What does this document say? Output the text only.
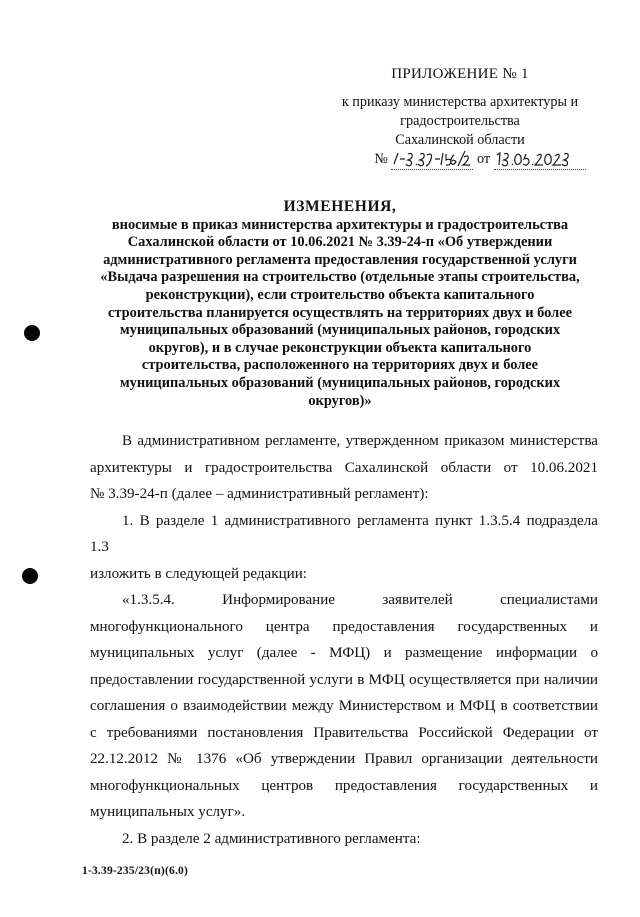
ПРИЛОЖЕНИЕ № 1
к приказу министерства архитектуры и
градостроительства
Сахалинской области
№	от
ИЗМЕНЕНИЯ,
вносимые в приказ министерства архитектуры и градостроительства
Сахалинской области от 10.06.2021 № 3.39-24-п «Об утверждении
административного регламента предоставления государственной услуги
«Выдача разрешения на строительство (отдельные этапы строительства,
реконструкции), если строительство объекта капитального
строительства планируется осуществлять на территориях двух и более
муниципальных образований (муниципальных районов, городских
округов), и в случае реконструкции объекта капитального
строительства, расположенного на территориях двух и более
муниципальных образований (муниципальных районов, городских
округов)»

В административном регламенте, утвержденном приказом министерства

архитектуры и градостроительства Сахалинской области от 10.06.2021

№ 3.39-24-п (далее – административный регламент):

1. В разделе 1 административного регламента пункт 1.3.5.4 подраздела 1.3

изложить в следующей редакции:

«1.3.5.4. Информирование заявителей специалистами

многофункционального центра предоставления государственных и

муниципальных услуг (далее - МФЦ) и размещение информации о

предоставлении государственной услуги в МФЦ осуществляется при наличии

соглашения о взаимодействии между Министерством и МФЦ в соответствии

с требованиями постановления Правительства Российской Федерации от

22.12.2012 № 1376 «Об утверждении Правил организации деятельности

многофункциональных центров предоставления государственных и

муниципальных услуг».

2. В разделе 2 административного регламента:

1-3.39-235/23(п)(6.0)
